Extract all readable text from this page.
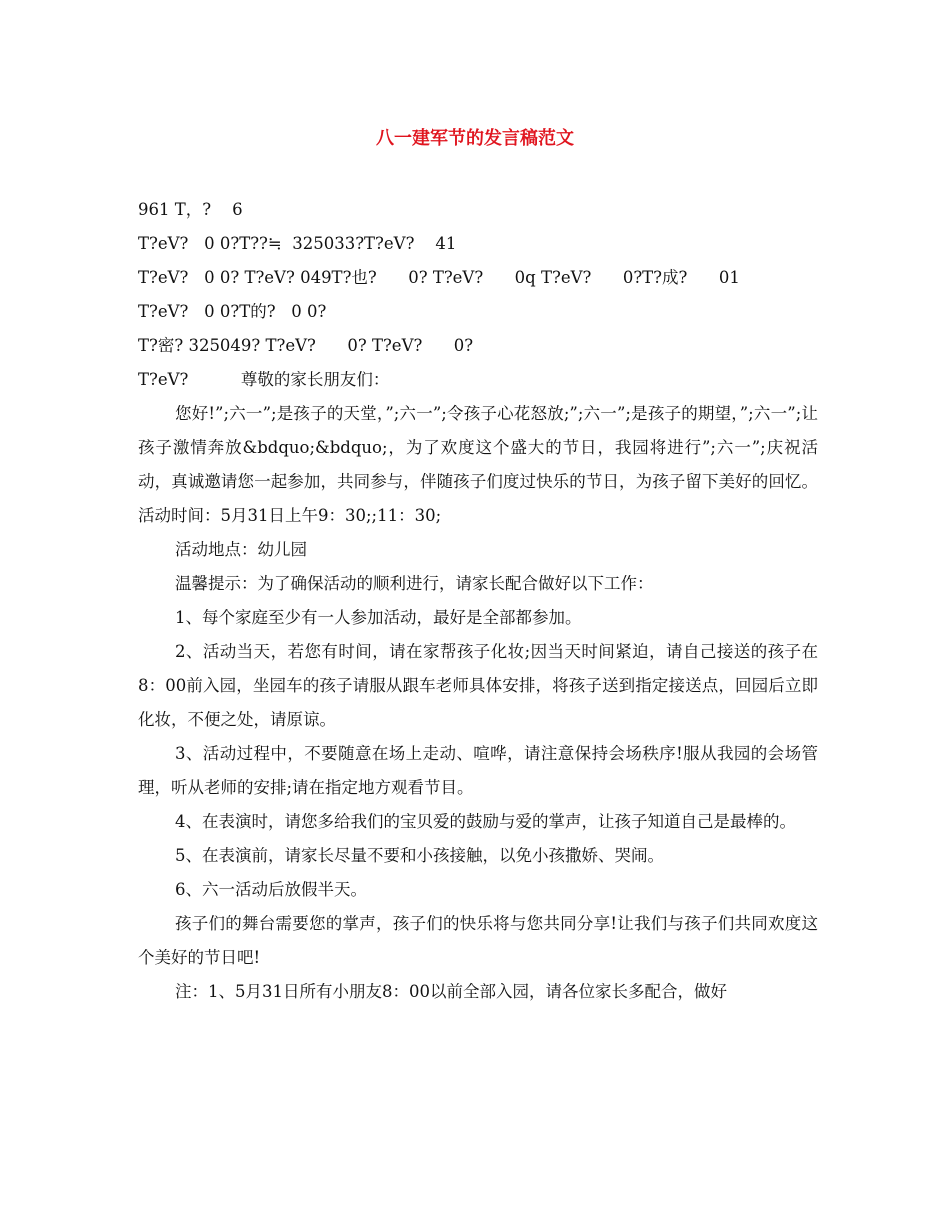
八一建军节的发言稿范文
961 T，?    6
T?eV?   0 0?T??≒  325033?T?eV?    41
T?eV?   0 0? T?eV? 049T?也?      0? T?eV?      0q T?eV?      0?T?成?      01
T?eV?   0 0?T的?   0 0?
T?密? 325049? T?eV?      0? T?eV?      0?
T?eV?          尊敬的家长朋友们：

您好!”;六一”;是孩子的天堂，”;六一”;令孩子心花怒放;”;六一”;是孩子的期望，”;六一”;让孩子激情奔放&bdquo;&bdquo;，为了欢度这个盛大的节日，我园将进行”;六一”;庆祝活动，真诚邀请您一起参加，共同参与，伴随孩子们度过快乐的节日，为孩子留下美好的回忆。 活动时间：5月31日上午9：30;;11：30;

活动地点：幼儿园

温馨提示：为了确保活动的顺利进行，请家长配合做好以下工作：

1、每个家庭至少有一人参加活动，最好是全部都参加。

2、活动当天，若您有时间，请在家帮孩子化妆;因当天时间紧迫，请自己接送的孩子在8：00前入园，坐园车的孩子请服从跟车老师具体安排，将孩子送到指定接送点，回园后立即化妆，不便之处，请原谅。

3、活动过程中，不要随意在场上走动、喧哗，请注意保持会场秩序!服从我园的会场管理，听从老师的安排;请在指定地方观看节目。

4、在表演时，请您多给我们的宝贝爱的鼓励与爱的掌声，让孩子知道自己是最棒的。

5、在表演前，请家长尽量不要和小孩接触，以免小孩撒娇、哭闹。

6、六一活动后放假半天。

孩子们的舞台需要您的掌声，孩子们的快乐将与您共同分享!让我们与孩子们共同欢度这个美好的节日吧!

注：1、5月31日所有小朋友8：00以前全部入园，请各位家长多配合，做好
